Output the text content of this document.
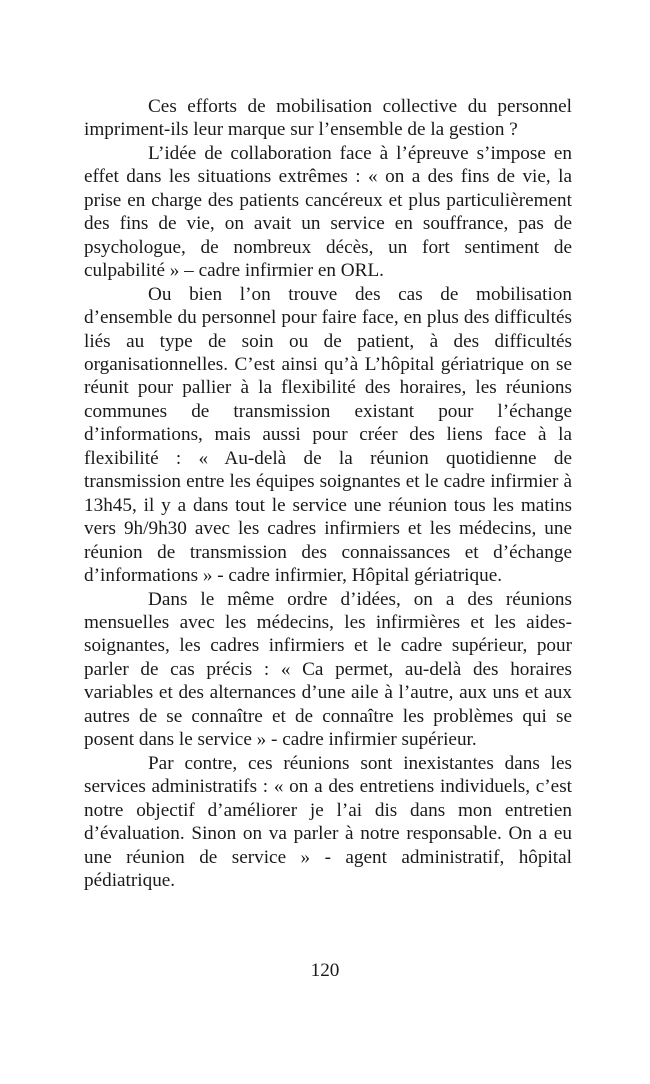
Ces efforts de mobilisation collective du personnel impriment-ils leur marque sur l’ensemble de la gestion ?

L’idée de collaboration face à l’épreuve s’impose en effet dans les situations extrêmes : « on a des fins de vie, la prise en charge des patients cancéreux et plus particulièrement des fins de vie, on avait un service en souffrance, pas de psychologue, de nombreux décès, un fort sentiment de culpabilité » – cadre infirmier en ORL.

Ou bien l’on trouve des cas de mobilisation d’ensemble du personnel pour faire face, en plus des difficultés liés au type de soin ou de patient, à des difficultés organisationnelles. C’est ainsi qu’à L’hôpital gériatrique on se réunit pour pallier à la flexibilité des horaires, les réunions communes de transmission existant pour l’échange d’informations, mais aussi pour créer des liens face à la flexibilité : « Au-delà de la réunion quotidienne de transmission entre les équipes soignantes et le cadre infirmier à 13h45, il y a dans tout le service une réunion tous les matins vers 9h/9h30 avec les cadres infirmiers et les médecins, une réunion de transmission des connaissances et d’échange d’informations » - cadre infirmier, Hôpital gériatrique.

Dans le même ordre d’idées, on a des réunions mensuelles avec les médecins, les infirmières et les aides-soignantes, les cadres infirmiers et le cadre supérieur, pour parler de cas précis : « Ca permet, au-delà des horaires variables et des alternances d’une aile à l’autre, aux uns et aux autres de se connaître et de connaître les problèmes qui se posent dans le service » - cadre infirmier supérieur.

Par contre, ces réunions sont inexistantes dans les services administratifs : « on a des entretiens individuels, c’est notre objectif d’améliorer je l’ai dis dans mon entretien d’évaluation. Sinon on va parler à notre responsable. On a eu une réunion de service » - agent administratif, hôpital pédiatrique.

120
